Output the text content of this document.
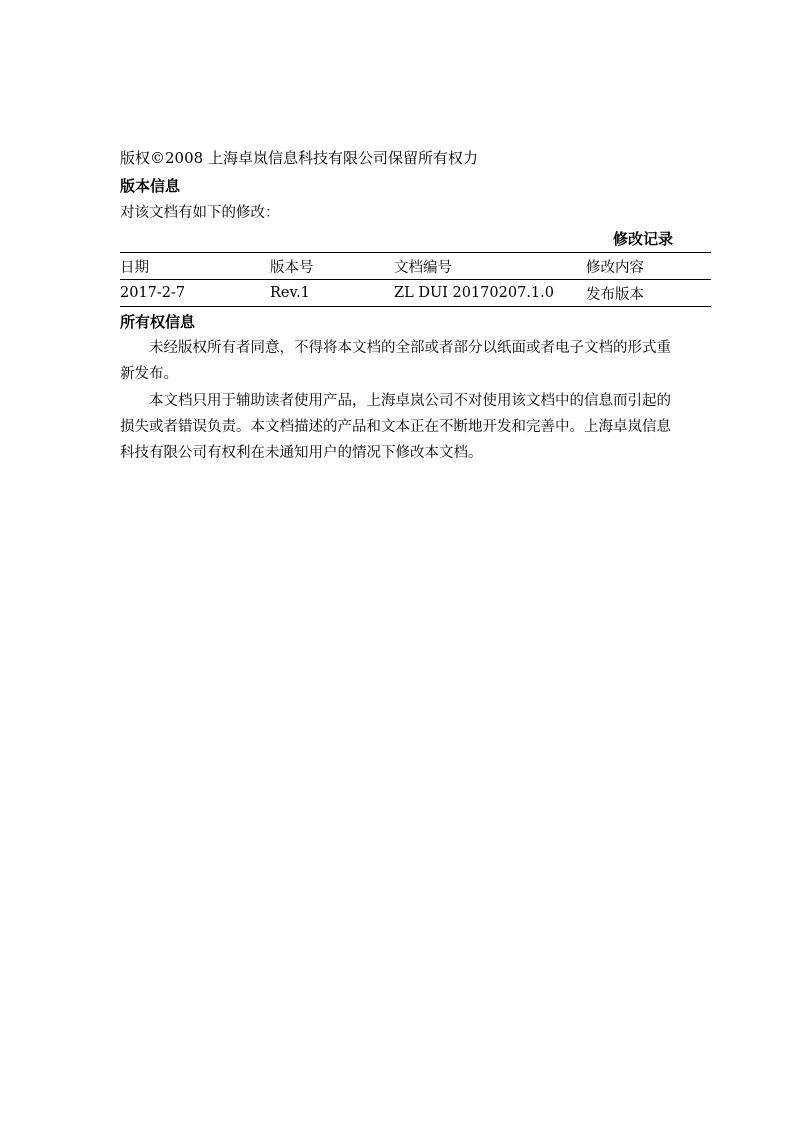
版权©2008 上海卓岚信息科技有限公司保留所有权力
版本信息
对该文档有如下的修改：
修改记录
日期	版本号	文档编号	修改内容
2017-2-7	Rev.1	ZL DUI 20170207.1.0	发布版本
所有权信息

未经版权所有者同意，不得将本文档的全部或者部分以纸面或者电子文档的形式重新发布。

本文档只用于辅助读者使用产品，上海卓岚公司不对使用该文档中的信息而引起的损失或者错误负责。本文档描述的产品和文本正在不断地开发和完善中。上海卓岚信息科技有限公司有权利在未通知用户的情况下修改本文档。
